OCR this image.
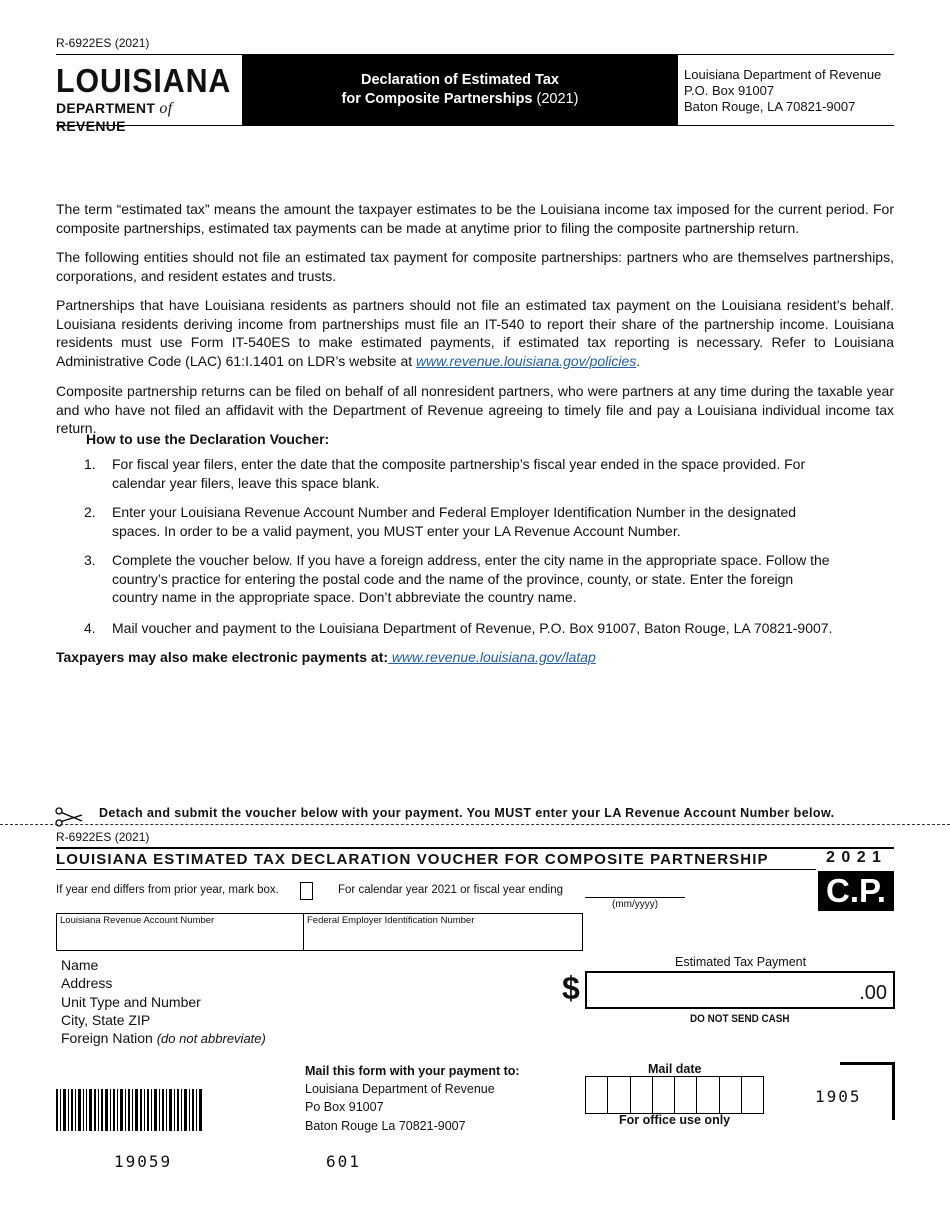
R-6922ES (2021)
LOUISIANA
DEPARTMENT of REVENUE
Declaration of Estimated Tax
for Composite Partnerships (2021)
Louisiana Department of Revenue
P.O. Box 91007
Baton Rouge, LA 70821-9007
The term “estimated tax” means the amount the taxpayer estimates to be the Louisiana income tax imposed for the current period. For composite partnerships, estimated tax payments can be made at anytime prior to filing the composite partnership return.
The following entities should not file an estimated tax payment for composite partnerships: partners who are themselves partnerships, corporations, and resident estates and trusts.
Partnerships that have Louisiana residents as partners should not file an estimated tax payment on the Louisiana resident’s behalf. Louisiana residents deriving income from partnerships must file an IT-540 to report their share of the partnership income. Louisiana residents must use Form IT-540ES to make estimated payments, if estimated tax reporting is necessary. Refer to Louisiana Administrative Code (LAC) 61:I.1401 on LDR’s website at www.revenue.louisiana.gov/policies.
Composite partnership returns can be filed on behalf of all nonresident partners, who were partners at any time during the taxable year and who have not filed an affidavit with the Department of Revenue agreeing to timely file and pay a Louisiana individual income tax return.
How to use the Declaration Voucher:
1. For fiscal year filers, enter the date that the composite partnership’s fiscal year ended in the space provided. For calendar year filers, leave this space blank.
2. Enter your Louisiana Revenue Account Number and Federal Employer Identification Number in the designated spaces. In order to be a valid payment, you MUST enter your LA Revenue Account Number.
3. Complete the voucher below. If you have a foreign address, enter the city name in the appropriate space. Follow the country’s practice for entering the postal code and the name of the province, county, or state. Enter the foreign country name in the appropriate space. Don’t abbreviate the country name.
4. Mail voucher and payment to the Louisiana Department of Revenue, P.O. Box 91007, Baton Rouge, LA 70821-9007.
Taxpayers may also make electronic payments at: www.revenue.louisiana.gov/latap
Detach and submit the voucher below with your payment. You MUST enter your LA Revenue Account Number below.
R-6922ES (2021)
LOUISIANA ESTIMATED TAX DECLARATION VOUCHER FOR COMPOSITE PARTNERSHIP	2 0 2 1
C.P.
If year end differs from prior year, mark box.	For calendar year 2021 or fiscal year ending
(mm/yyyy)
Louisiana Revenue Account Number	Federal Employer Identification Number
Name
Address
Unit Type and Number
City, State ZIP
Foreign Nation (do not abbreviate)
Estimated Tax Payment
$	.00
DO NOT SEND CASH
Mail this form with your payment to:
Louisiana Department of Revenue
Po Box 91007
Baton Rouge La 70821-9007
Mail date
For office use only
1905
19059	601
